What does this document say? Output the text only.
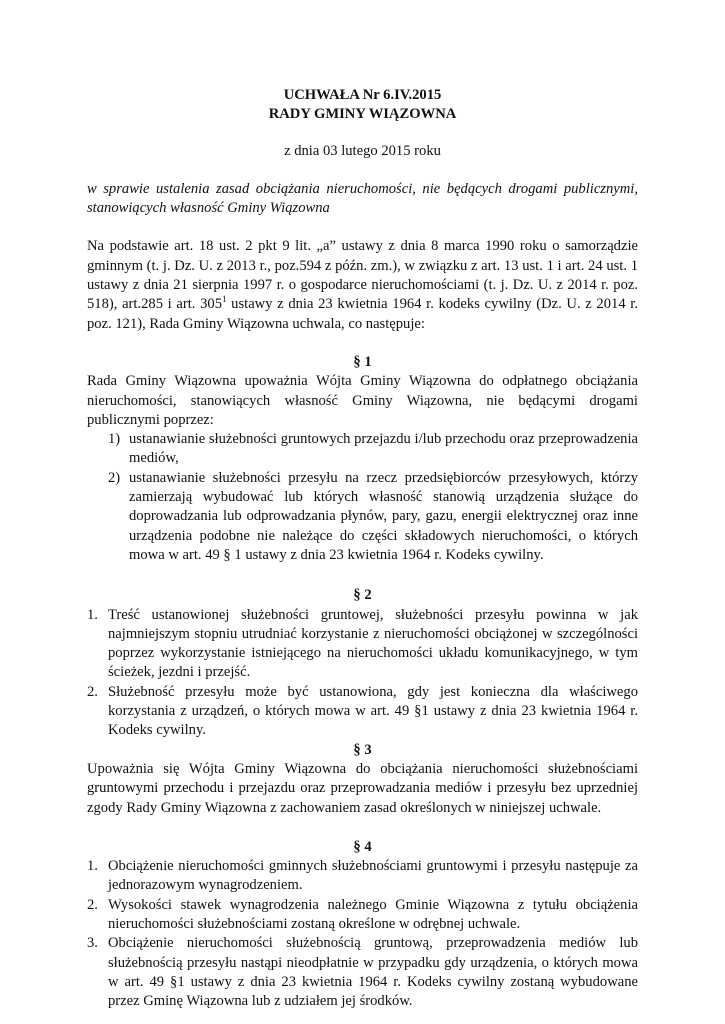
UCHWAŁA Nr 6.IV.2015

RADY GMINY WIĄZOWNA

z dnia 03 lutego 2015 roku

w sprawie ustalenia zasad obciążania nieruchomości, nie będących drogami publicznymi, stanowiących własność Gminy Wiązowna

Na podstawie art. 18 ust. 2 pkt 9 lit. „a” ustawy z dnia 8 marca 1990 roku o samorządzie gminnym (t. j. Dz. U. z 2013 r., poz.594 z późn. zm.), w związku z art. 13 ust. 1 i art. 24 ust. 1 ustawy z dnia 21 sierpnia 1997 r. o gospodarce nieruchomościami (t. j. Dz. U. z 2014 r. poz. 518), art.285 i art. $305^1$ ustawy z dnia 23 kwietnia 1964 r. kodeks cywilny (Dz. U. z 2014 r. poz. 121), Rada Gminy Wiązowna uchwala, co następuje:

§ 1

Rada Gminy Wiązowna upoważnia Wójta Gminy Wiązowna do odpłatnego obciążania nieruchomości, stanowiących własność Gminy Wiązowna, nie będącymi drogami publicznymi poprzez:

1) ustanawianie służebności gruntowych przejazdu i/lub przechodu oraz przeprowadzenia mediów,
2) ustanawianie służebności przesyłu na rzecz przedsiębiorców przesyłowych, którzy zamierzają wybudować lub których własność stanowią urządzenia służące do doprowadzania lub odprowadzania płynów, pary, gazu, energii elektrycznej oraz inne urządzenia podobne nie należące do części składowych nieruchomości, o których mowa w art. 49 § 1 ustawy z dnia 23 kwietnia 1964 r. Kodeks cywilny.

§ 2

1. Treść ustanowionej służebności gruntowej, służebności przesyłu powinna w jak najmniejszym stopniu utrudniać korzystanie z nieruchomości obciążonej w szczególności poprzez wykorzystanie istniejącego na nieruchomości układu komunikacyjnego, w tym ścieżek, jezdni i przejść.
2. Służebność przesyłu może być ustanowiona, gdy jest konieczna dla właściwego korzystania z urządzeń, o których mowa w art. 49 §1 ustawy z dnia 23 kwietnia 1964 r. Kodeks cywilny.

§ 3

Upoważnia się Wójta Gminy Wiązowna do obciążania nieruchomości służebnościami gruntowymi przechodu i przejazdu oraz przeprowadzania mediów i przesyłu bez uprzedniej zgody Rady Gminy Wiązowna z zachowaniem zasad określonych w niniejszej uchwale.

§ 4

1. Obciążenie nieruchomości gminnych służebnościami gruntowymi i przesyłu następuje za jednorazowym wynagrodzeniem.
2. Wysokości stawek wynagrodzenia należnego Gminie Wiązowna z tytułu obciążenia nieruchomości służebnościami zostaną określone w odrębnej uchwale.
3. Obciążenie nieruchomości służebnością gruntową, przeprowadzenia mediów lub służebnością przesyłu nastąpi nieodpłatnie w przypadku gdy urządzenia, o których mowa w art. 49 §1 ustawy z dnia 23 kwietnia 1964 r. Kodeks cywilny zostaną wybudowane przez Gminę Wiązowna lub z udziałem jej środków.
